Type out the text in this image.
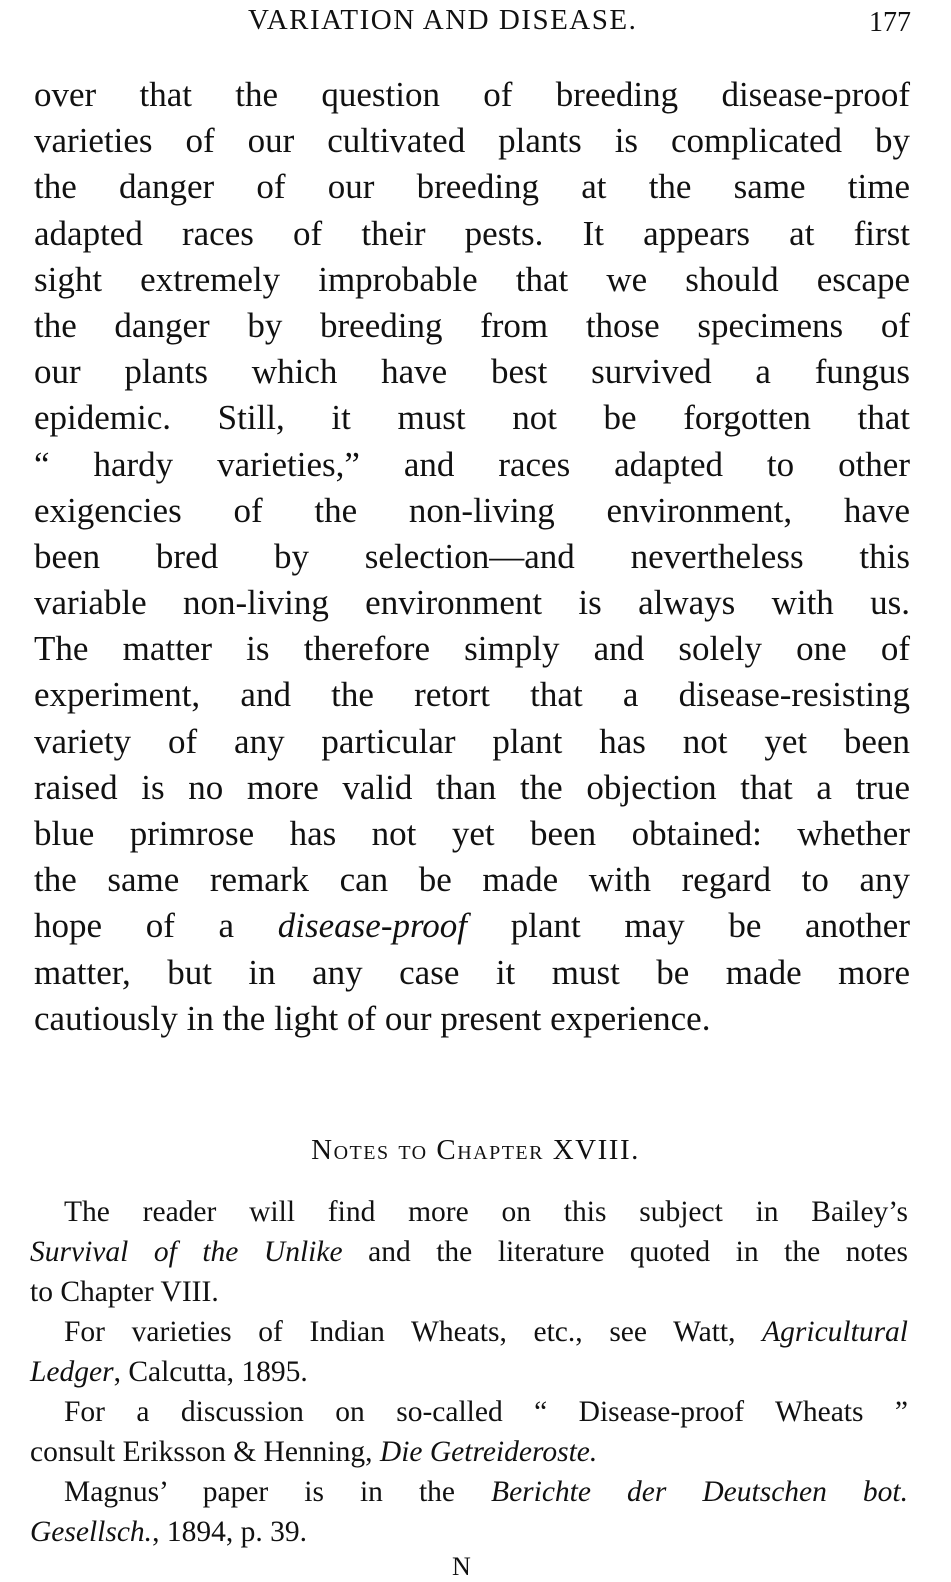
VARIATION AND DISEASE.	177
over that the question of breeding disease-proof
varieties of our cultivated plants is complicated by
the danger of our breeding at the same time
adapted races of their pests. It appears at first
sight extremely improbable that we should escape
the danger by breeding from those specimens of
our plants which have best survived a fungus
epidemic. Still, it must not be forgotten that
“ hardy varieties,” and races adapted to other
exigencies of the non-living environment, have
been bred by selection—and nevertheless this
variable non-living environment is always with us.
The matter is therefore simply and solely one of
experiment, and the retort that a disease-resisting
variety of any particular plant has not yet been
raised is no more valid than the objection that a true
blue primrose has not yet been obtained: whether
the same remark can be made with regard to any
hope of a disease-proof plant may be another
matter, but in any case it must be made more
cautiously in the light of our present experience.
Notes to Chapter XVIII.
The reader will find more on this subject in Bailey’s
Survival of the Unlike and the literature quoted in the notes
to Chapter VIII.
For varieties of Indian Wheats, etc., see Watt, Agricultural
Ledger, Calcutta, 1895.
For a discussion on so-called “ Disease-proof Wheats ”
consult Eriksson & Henning, Die Getreideroste.
Magnus’ paper is in the Berichte der Deutschen bot.
Gesellsch., 1894, p. 39.
N
